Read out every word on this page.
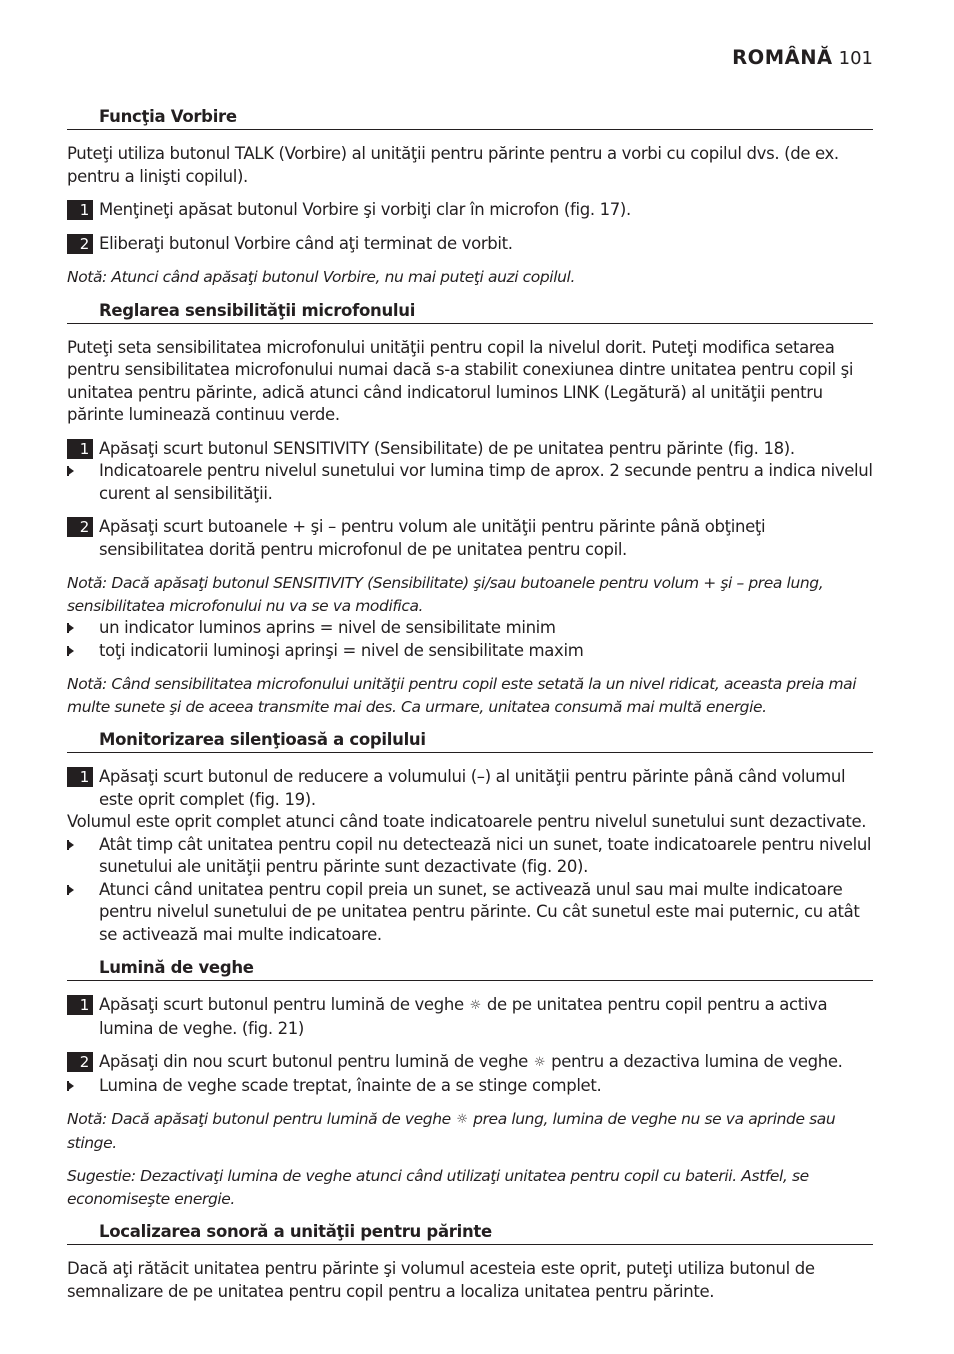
ROMÂNĂ 101
Funcţia Vorbire

Puteţi utiliza butonul TALK (Vorbire) al unităţii pentru părinte pentru a vorbi cu copilul dvs. (de ex. pentru a linişti copilul).

1 Menţineţi apăsat butonul Vorbire şi vorbiţi clar în microfon (fig. 17).
2 Eliberaţi butonul Vorbire când aţi terminat de vorbit.

Notă: Atunci când apăsaţi butonul Vorbire, nu mai puteţi auzi copilul.

Reglarea sensibilităţii microfonului

Puteţi seta sensibilitatea microfonului unităţii pentru copil la nivelul dorit. Puteţi modifica setarea pentru sensibilitatea microfonului numai dacă s-a stabilit conexiunea dintre unitatea pentru copil şi unitatea pentru părinte, adică atunci când indicatorul luminos LINK (Legătură) al unităţii pentru părinte luminează continuu verde.

1 Apăsaţi scurt butonul SENSITIVITY (Sensibilitate) de pe unitatea pentru părinte (fig. 18).
Indicatoarele pentru nivelul sunetului vor lumina timp de aprox. 2 secunde pentru a indica nivelul curent al sensibilităţii.
2 Apăsaţi scurt butoanele + şi – pentru volum ale unităţii pentru părinte până obţineţi sensibilitatea dorită pentru microfonul de pe unitatea pentru copil.

Notă: Dacă apăsaţi butonul SENSITIVITY (Sensibilitate) şi/sau butoanele pentru volum + şi – prea lung, sensibilitatea microfonului nu va se va modifica.

un indicator luminos aprins = nivel de sensibilitate minim
toţi indicatorii luminoşi aprinşi = nivel de sensibilitate maxim

Notă: Când sensibilitatea microfonului unităţii pentru copil este setată la un nivel ridicat, aceasta preia mai multe sunete şi de aceea transmite mai des. Ca urmare, unitatea consumă mai multă energie.

Monitorizarea silenţioasă a copilului
1 Apăsaţi scurt butonul de reducere a volumului (–) al unităţii pentru părinte până când volumul este oprit complet (fig. 19).

Volumul este oprit complet atunci când toate indicatoarele pentru nivelul sunetului sunt dezactivate.

Atât timp cât unitatea pentru copil nu detectează nici un sunet, toate indicatoarele pentru nivelul sunetului ale unităţii pentru părinte sunt dezactivate (fig. 20).
Atunci când unitatea pentru copil preia un sunet, se activează unul sau mai multe indicatoare pentru nivelul sunetului de pe unitatea pentru părinte. Cu cât sunetul este mai puternic, cu atât se activează mai multe indicatoare.
Lumină de veghe
1 Apăsaţi scurt butonul pentru lumină de veghe ☼ de pe unitatea pentru copil pentru a activa lumina de veghe. (fig. 21)
2 Apăsaţi din nou scurt butonul pentru lumină de veghe ☼ pentru a dezactiva lumina de veghe.
Lumina de veghe scade treptat, înainte de a se stinge complet.

Notă: Dacă apăsaţi butonul pentru lumină de veghe ☼ prea lung, lumina de veghe nu se va aprinde sau stinge.

Sugestie: Dezactivaţi lumina de veghe atunci când utilizaţi unitatea pentru copil cu baterii. Astfel, se economiseşte energie.

Localizarea sonoră a unităţii pentru părinte

Dacă aţi rătăcit unitatea pentru părinte şi volumul acesteia este oprit, puteţi utiliza butonul de semnalizare de pe unitatea pentru copil pentru a localiza unitatea pentru părinte.
